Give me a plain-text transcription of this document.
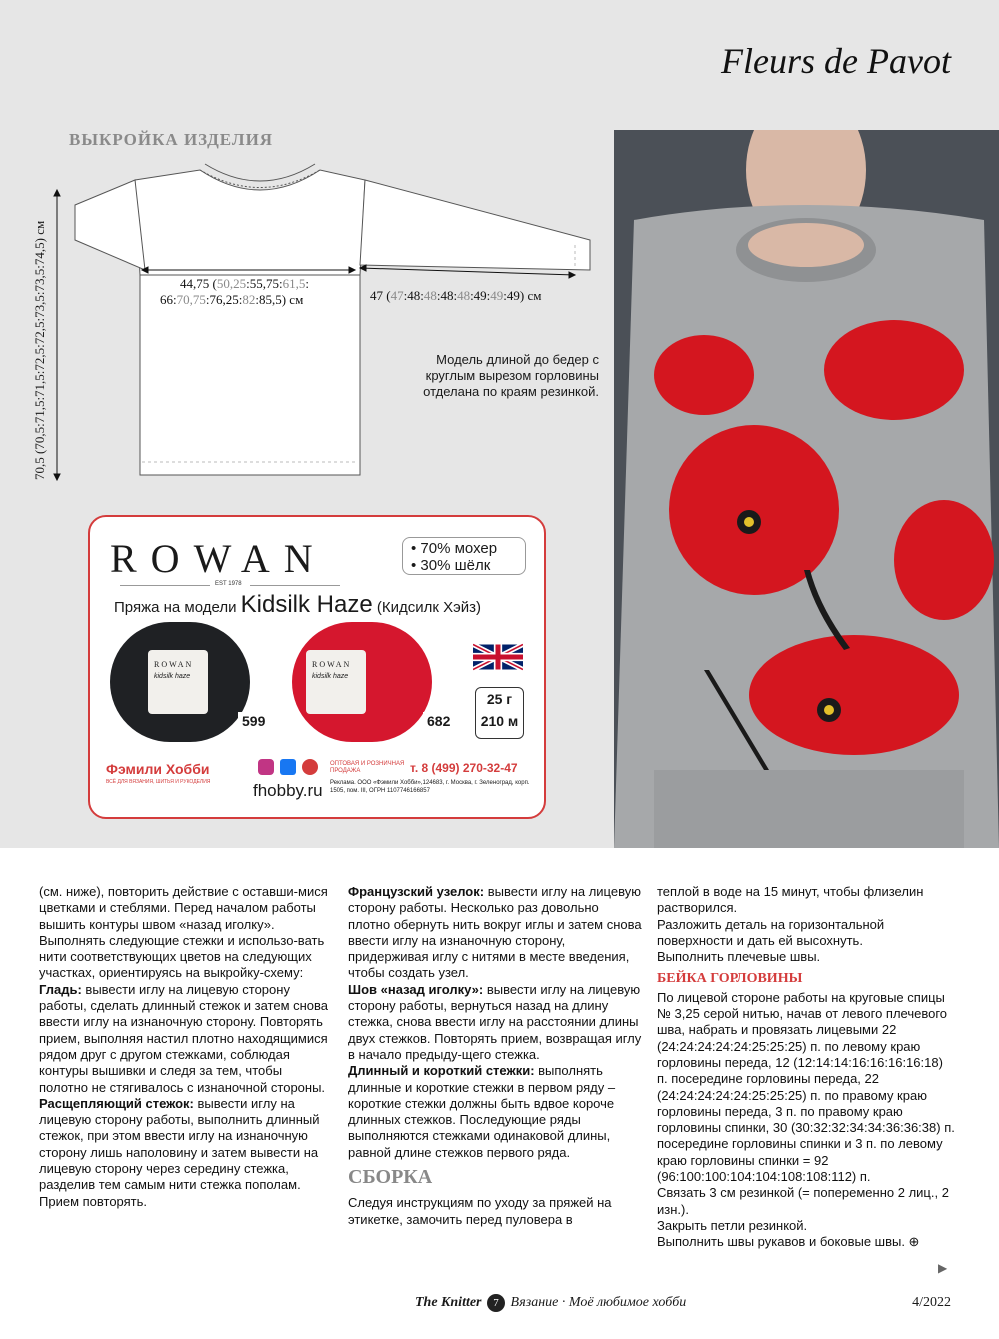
Fleurs de Pavot
ВЫКРОЙКА ИЗДЕЛИЯ
44,75 (50,25:55,75:61,5:
66:70,75:76,25:82:85,5) см	47 (47:48:48:48:48:49:49:49) см
70,5 (70,5:71,5:71,5:72,5:72,5:73,5:73,5:74,5) см	Модель длиной до бедер с круглым вырезом горловины отделана по краям резинкой.
ROWAN
EST 1978
• 70% мохер
• 30% шёлк
Пряжа на модели Kidsilk Haze (Кидсилк Хэйз)
ROWAN
kidsilk haze
599
ROWAN
kidsilk haze
682
25 г
210 м
Фэмили Хобби
ВСЁ ДЛЯ ВЯЗАНИЯ, ШИТЬЯ И РУКОДЕЛИЯ	fhobby.ru
ОПТОВАЯ И РОЗНИЧНАЯ ПРОДАЖА	т. 8 (499) 270-32-47
Реклама. ООО «Фэмили Хобби»,124683, г. Москва, г. Зеленоград, корп. 1505, пом. III, ОГРН 1107746166857
(см. ниже), повторить действие с оставши-мися цветками и стеблями. Перед началом работы вышить контуры швом «назад иголку».
Выполнять следующие стежки и использо-вать нити соответствующих цветов на следующих участках, ориентируясь на выкройку-схему:
Гладь: вывести иглу на лицевую сторону работы, сделать длинный стежок и затем снова ввести иглу на изнаночную сторону. Повторять прием, выполняя настил плотно находящимися рядом друг с другом стежками, соблюдая контуры вышивки и следя за тем, чтобы полотно не стягивалось с изнаночной стороны.
Расщепляющий стежок: вывести иглу на лицевую сторону работы, выполнить длинный стежок, при этом ввести иглу на изнаночную сторону лишь наполовину и затем вывести на лицевую сторону через середину стежка, разделив тем самым нити стежка пополам.
Прием повторять.
Французский узелок: вывести иглу на лицевую сторону работы. Несколько раз довольно плотно обернуть нить вокруг иглы и затем снова ввести иглу на изнаночную сторону, придерживая иглу с нитями в месте введения, чтобы создать узел.
Шов «назад иголку»: вывести иглу на лицевую сторону работы, вернуться назад на длину стежка, снова ввести иглу на расстоянии длины двух стежков. Повторять прием, возвращая иглу в начало предыду-щего стежка.
Длинный и короткий стежки: выполнять длинные и короткие стежки в первом ряду – короткие стежки должны быть вдвое короче длинных стежков. Последующие ряды выполняются стежками одинаковой длины, равной длине стежков первого ряда.
СБОРКА
Следуя инструкциям по уходу за пряжей на этикетке, замочить перед пуловера в
теплой в воде на 15 минут, чтобы флизелин растворился.
Разложить деталь на горизонтальной поверхности и дать ей высохнуть.
Выполнить плечевые швы.
БЕЙКА ГОРЛОВИНЫ
По лицевой стороне работы на круговые спицы № 3,25 серой нитью, начав от левого плечевого шва, набрать и провязать лицевыми 22 (24:24:24:24:24:25:25:25) п. по левому краю горловины переда, 12 (12:14:14:16:16:16:16:18) п. посередине горловины переда, 22 (24:24:24:24:24:25:25:25) п. по правому краю горловины переда, 3 п. по правому краю горловины спинки, 30 (30:32:32:34:34:36:36:38) п. посередине горловины спинки и 3 п. по левому краю горловины спинки = 92 (96:100:100:104:104:108:108:112) п.
Связать 3 см резинкой (= попеременно 2 лиц., 2 изн.).
Закрыть петли резинкой.
Выполнить швы рукавов и боковые швы. ⊕
▶
The Knitter 7 Вязание · Моё любимое хобби	4/2022
